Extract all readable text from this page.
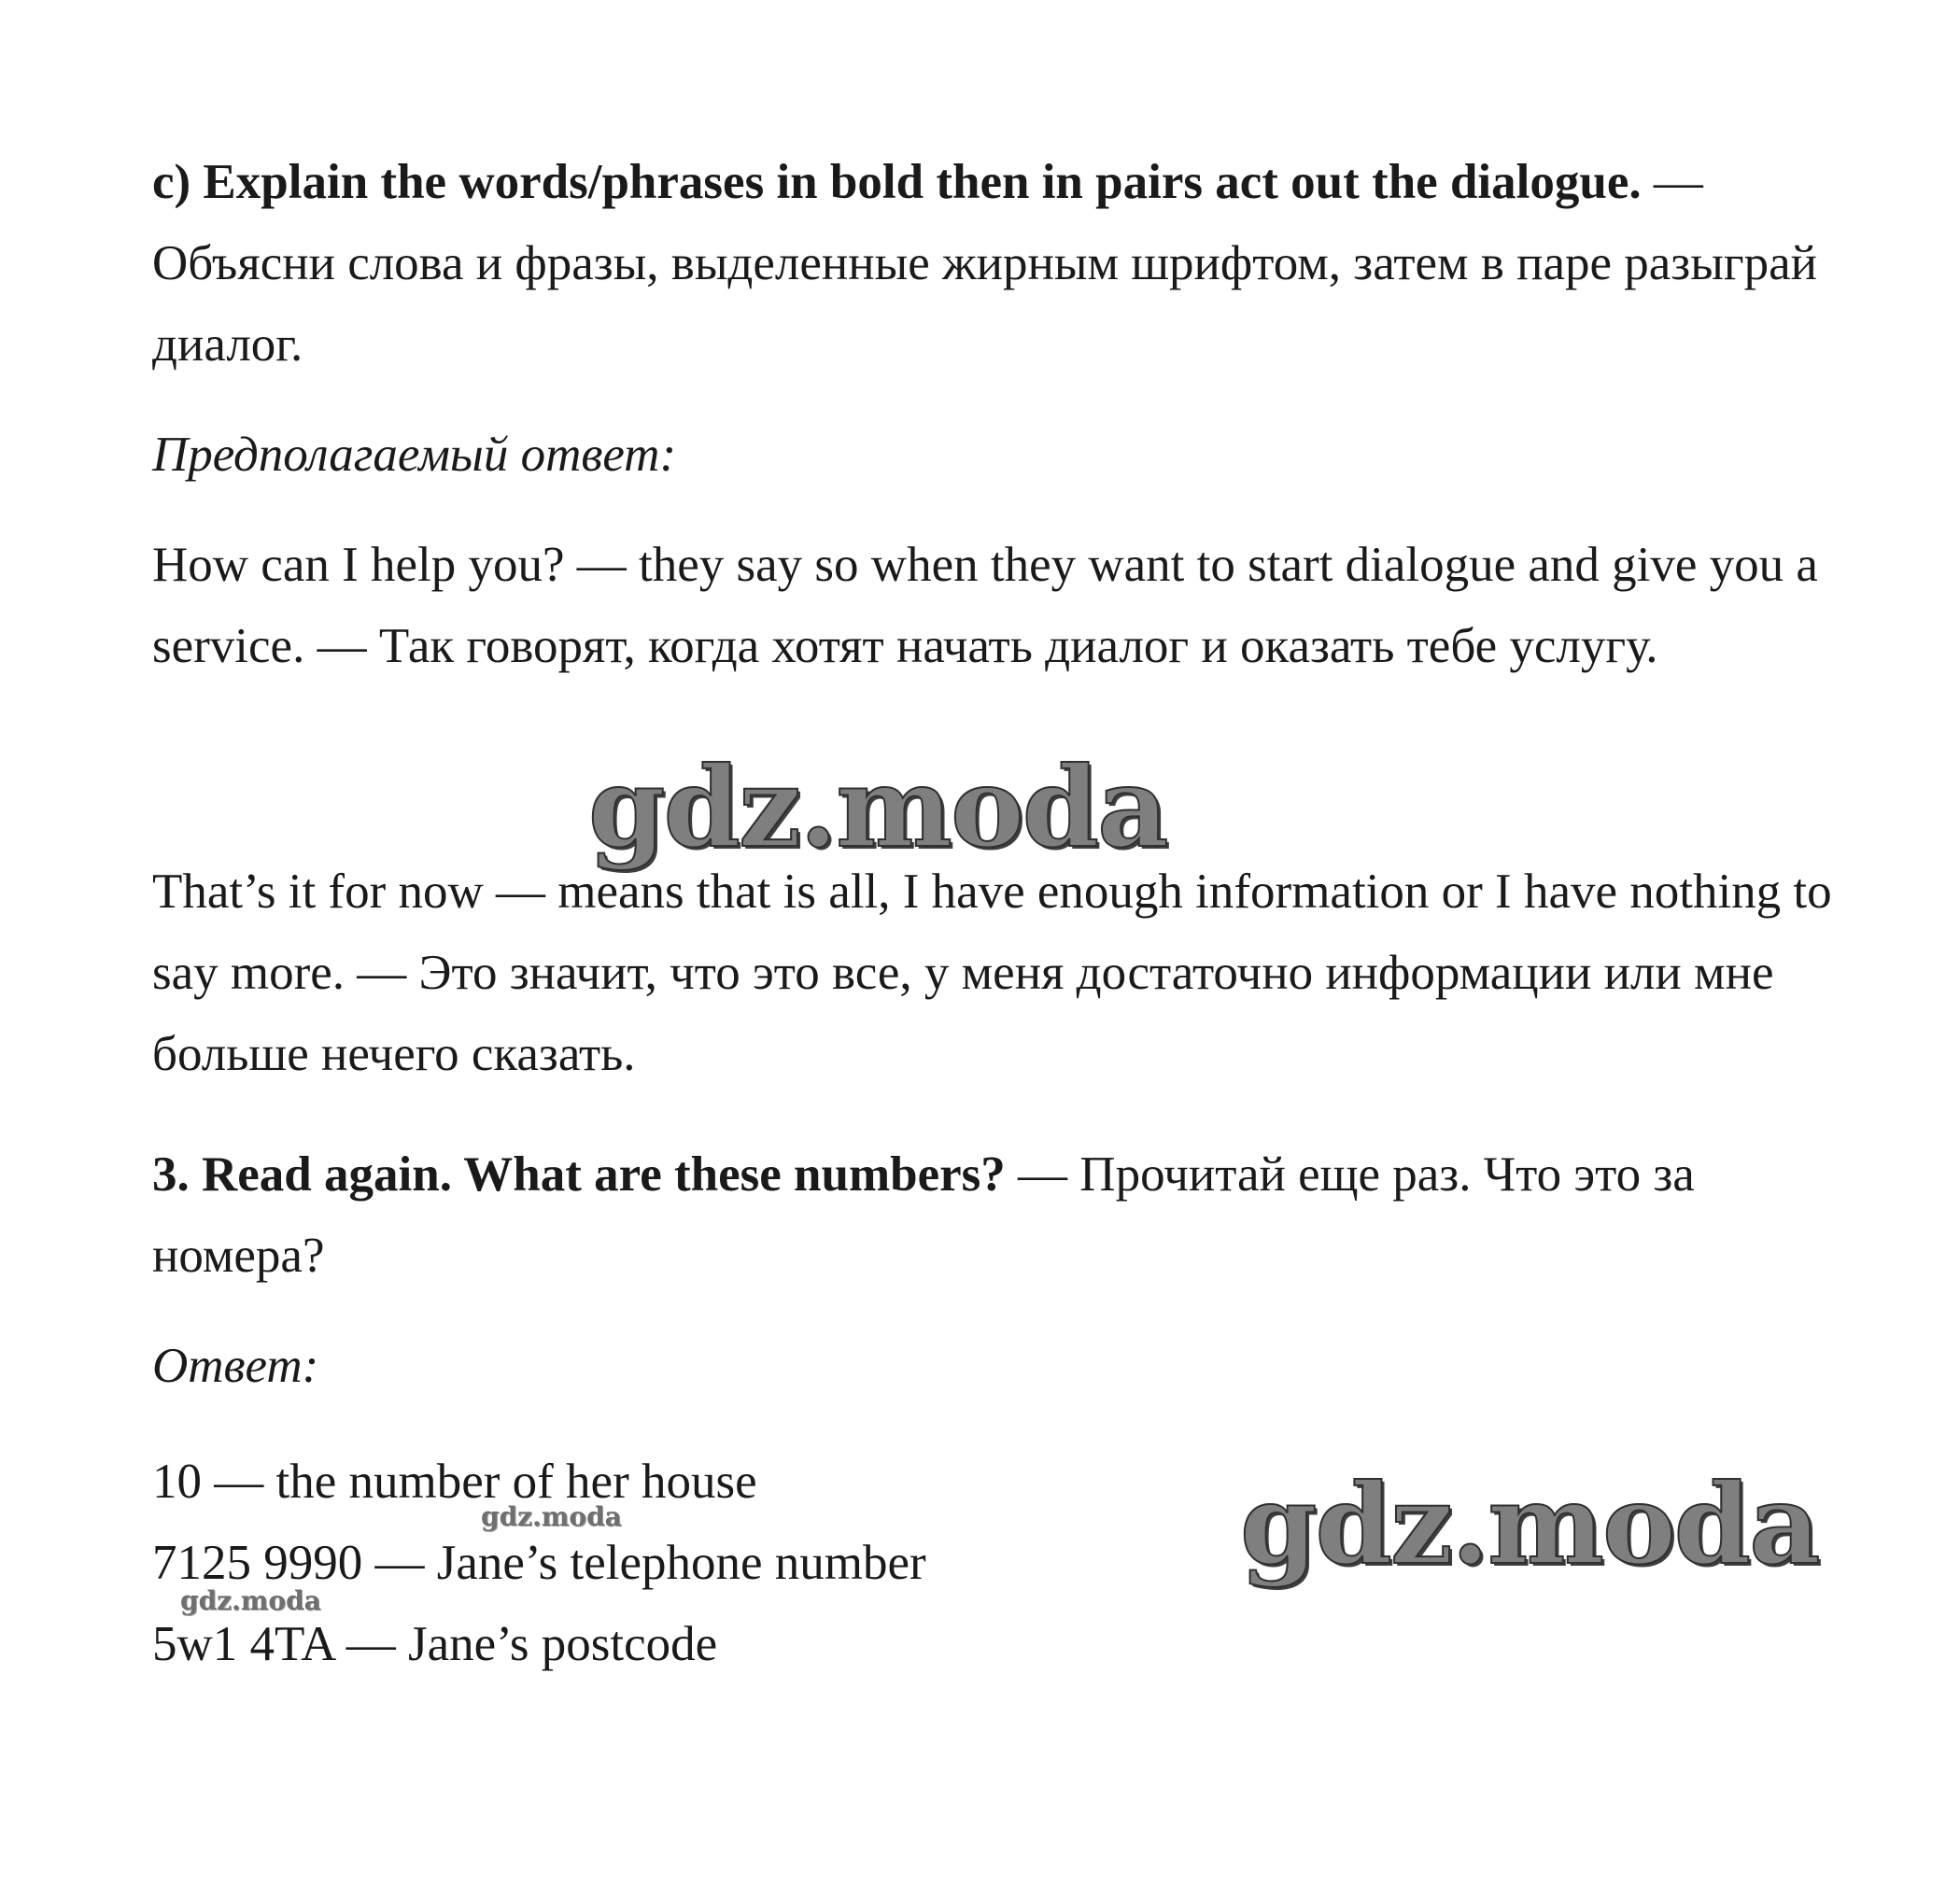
c) Explain the words/phrases in bold then in pairs act out the dialogue. — Объясни слова и фразы, выделенные жирным шрифтом, затем в паре разыграй диалог.

Предполагаемый ответ:

How can I help you? — they say so when they want to start dialogue and give you a service. — Так говорят, когда хотят начать диалог и оказать тебе услугу.

That’s it for now — means that is all, I have enough information or I have nothing to say more. — Это значит, что это все, у меня достаточно информации или мне больше нечего сказать.

3. Read again. What are these numbers? — Прочитай еще раз. Что это за номера?

Ответ:

10 — the number of her house

7125 9990 — Jane’s telephone number

5w1 4TA — Jane’s postcode

gdz.moda
gdz.moda
gdz.moda
gdz.moda
